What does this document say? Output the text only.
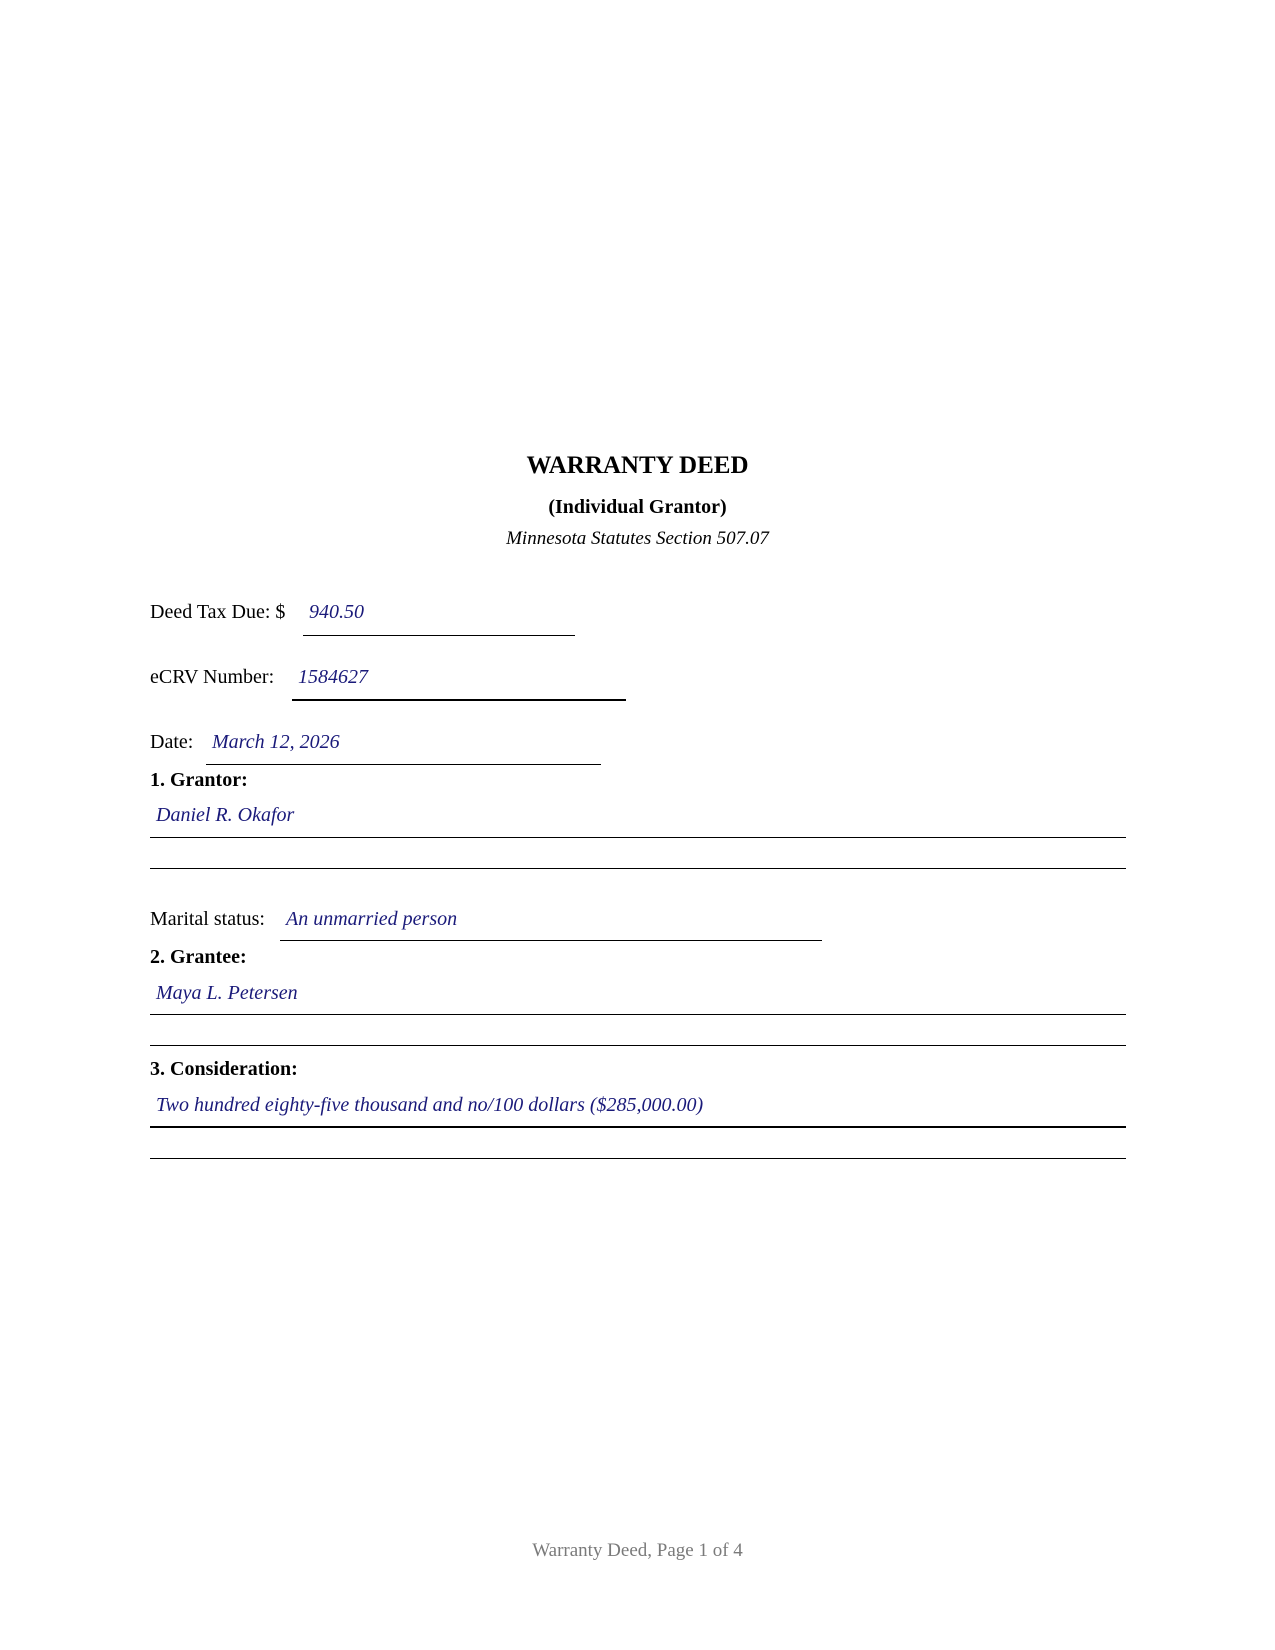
WARRANTY DEED
(Individual Grantor)
Minnesota Statutes Section 507.07
Deed Tax Due: $ 940.50
eCRV Number: 1584627
Date: March 12, 2026
1. Grantor:
Daniel R. Okafor
Marital status: An unmarried person
2. Grantee:
Maya L. Petersen
3. Consideration:
Two hundred eighty-five thousand and no/100 dollars ($285,000.00)
Warranty Deed, Page 1 of 4
